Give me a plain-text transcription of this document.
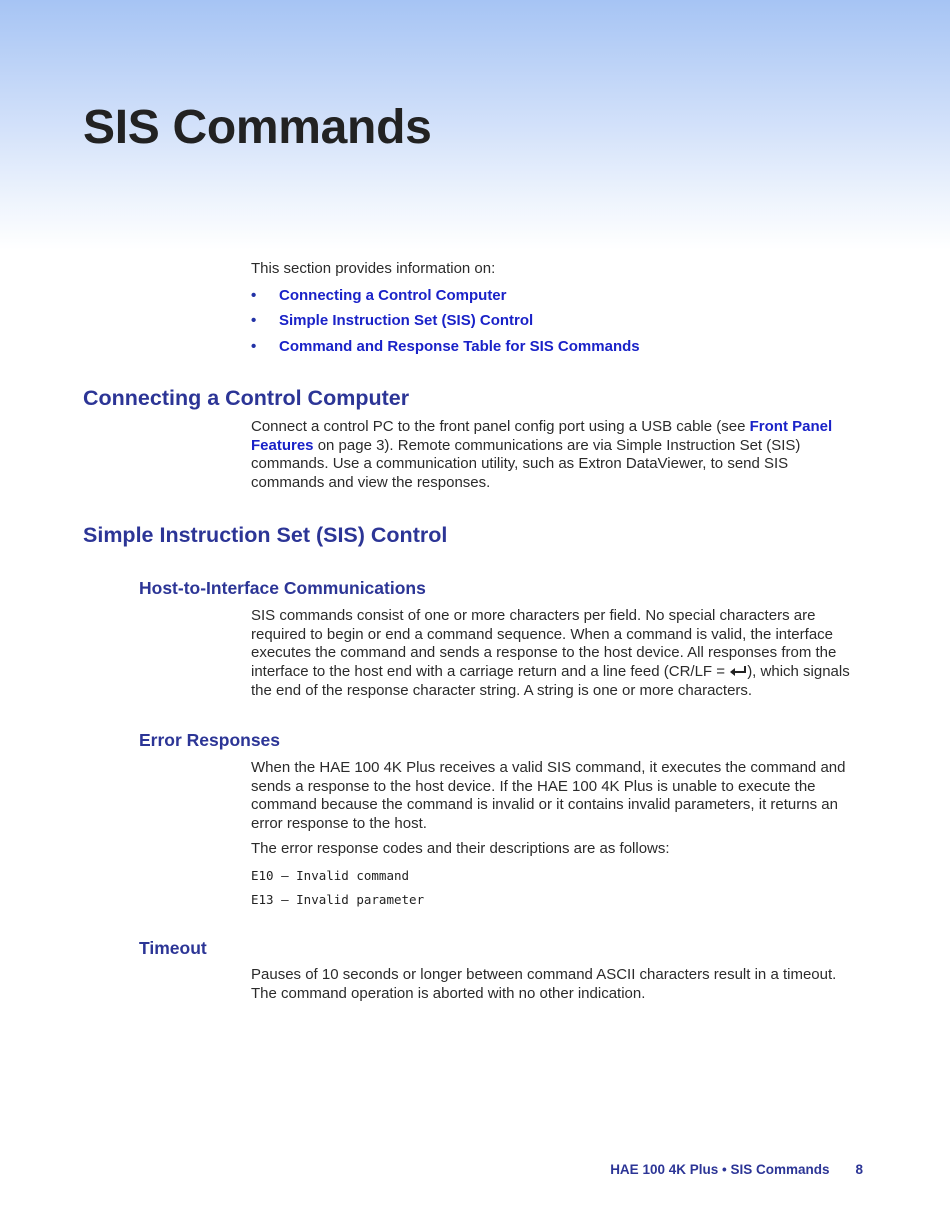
SIS Commands

This section provides information on:

• Connecting a Control Computer
• Simple Instruction Set (SIS) Control
• Command and Response Table for SIS Commands
Connecting a Control Computer

Connect a control PC to the front panel config port using a USB cable (see Front Panel Features on page 3). Remote communications are via Simple Instruction Set (SIS) commands. Use a communication utility, such as Extron DataViewer, to send SIS commands and view the responses.

Simple Instruction Set (SIS) Control
Host-to-Interface Communications

SIS commands consist of one or more characters per field. No special characters are required to begin or end a command sequence. When a command is valid, the interface executes the command and sends a response to the host device. All responses from the interface to the host end with a carriage return and a line feed (CR/LF = ), which signals the end of the response character string. A string is one or more characters.

Error Responses

When the HAE 100 4K Plus receives a valid SIS command, it executes the command and sends a response to the host device. If the HAE 100 4K Plus is unable to execute the command because the command is invalid or it contains invalid parameters, it returns an error response to the host.

The error response codes and their descriptions are as follows:

E10 – Invalid command

E13 – Invalid parameter

Timeout

Pauses of 10 seconds or longer between command ASCII characters result in a timeout. The command operation is aborted with no other indication.

HAE 100 4K Plus • SIS Commands 8
